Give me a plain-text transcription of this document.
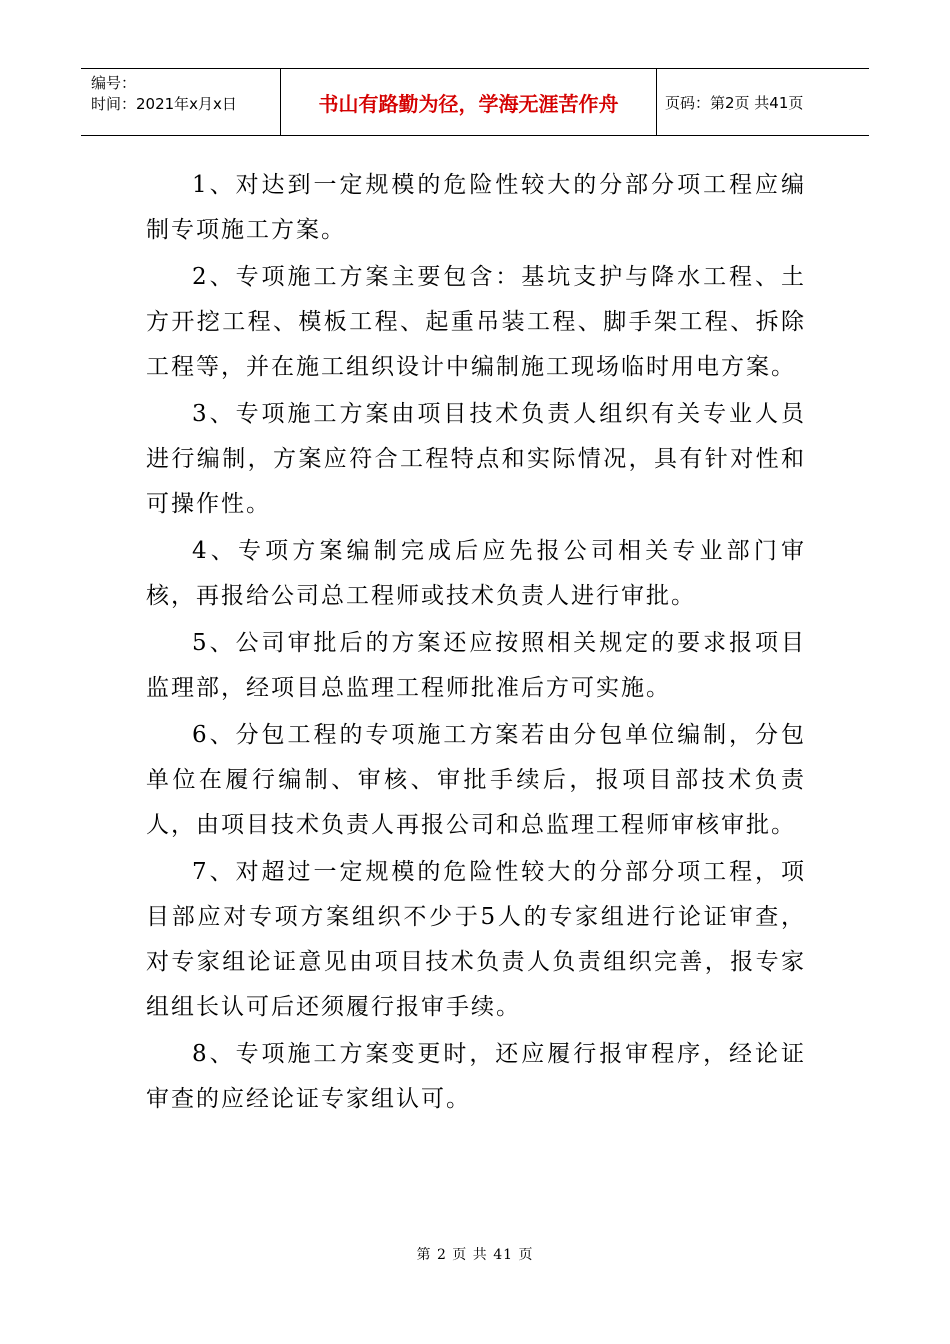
编号：
时间：2021年x月x日	书山有路勤为径，学海无涯苦作舟	页码：第2页 共41页

1、对达到一定规模的危险性较大的分部分项工程应编制专项施工方案。

2、专项施工方案主要包含：基坑支护与降水工程、土方开挖工程、模板工程、起重吊装工程、脚手架工程、拆除工程等，并在施工组织设计中编制施工现场临时用电方案。

3、专项施工方案由项目技术负责人组织有关专业人员进行编制，方案应符合工程特点和实际情况，具有针对性和可操作性。

4、专项方案编制完成后应先报公司相关专业部门审核，再报给公司总工程师或技术负责人进行审批。

5、公司审批后的方案还应按照相关规定的要求报项目监理部，经项目总监理工程师批准后方可实施。

6、分包工程的专项施工方案若由分包单位编制，分包单位在履行编制、审核、审批手续后，报项目部技术负责人，由项目技术负责人再报公司和总监理工程师审核审批。

7、对超过一定规模的危险性较大的分部分项工程，项目部应对专项方案组织不少于5人的专家组进行论证审查，对专家组论证意见由项目技术负责人负责组织完善，报专家组组长认可后还须履行报审手续。

8、专项施工方案变更时，还应履行报审程序，经论证审查的应经论证专家组认可。

第 2 页 共 41 页
